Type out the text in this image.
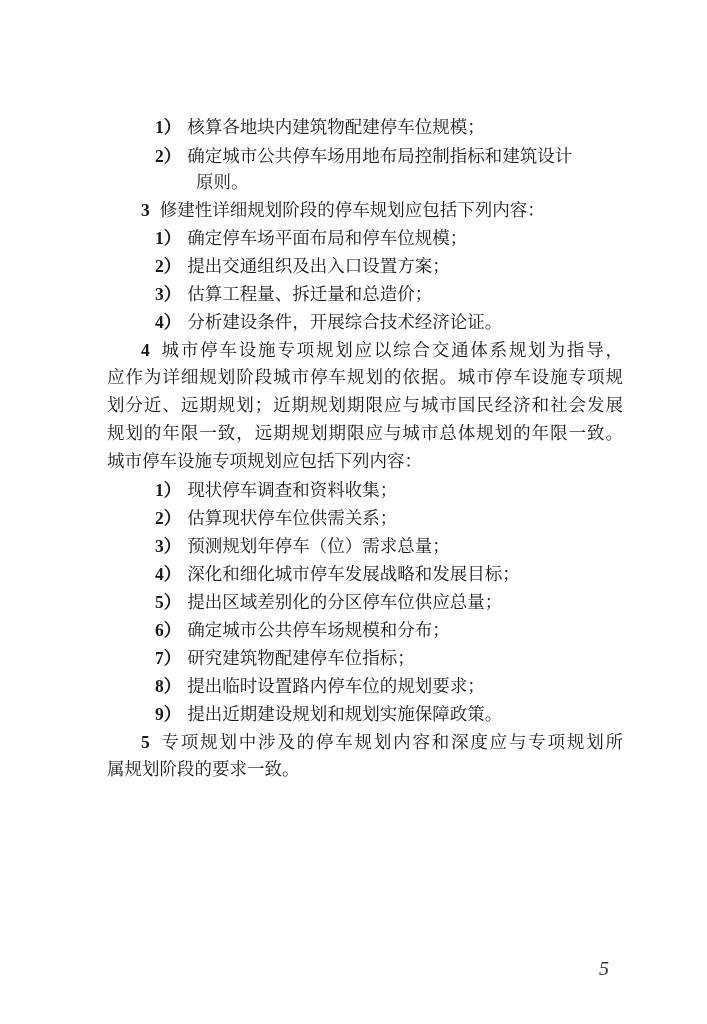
1） 核算各地块内建筑物配建停车位规模；
2） 确定城市公共停车场用地布局控制指标和建筑设计
原则。
3 修建性详细规划阶段的停车规划应包括下列内容：
1） 确定停车场平面布局和停车位规模；
2） 提出交通组织及出入口设置方案；
3） 估算工程量、拆迁量和总造价；
4） 分析建设条件，开展综合技术经济论证。
4 城市停车设施专项规划应以综合交通体系规划为指导，
应作为详细规划阶段城市停车规划的依据。城市停车设施专项规
划分近、远期规划；近期规划期限应与城市国民经济和社会发展
规划的年限一致，远期规划期限应与城市总体规划的年限一致。
城市停车设施专项规划应包括下列内容：
1） 现状停车调查和资料收集；
2） 估算现状停车位供需关系；
3） 预测规划年停车（位）需求总量；
4） 深化和细化城市停车发展战略和发展目标；
5） 提出区域差别化的分区停车位供应总量；
6） 确定城市公共停车场规模和分布；
7） 研究建筑物配建停车位指标；
8） 提出临时设置路内停车位的规划要求；
9） 提出近期建设规划和规划实施保障政策。
5 专项规划中涉及的停车规划内容和深度应与专项规划所
属规划阶段的要求一致。
5
